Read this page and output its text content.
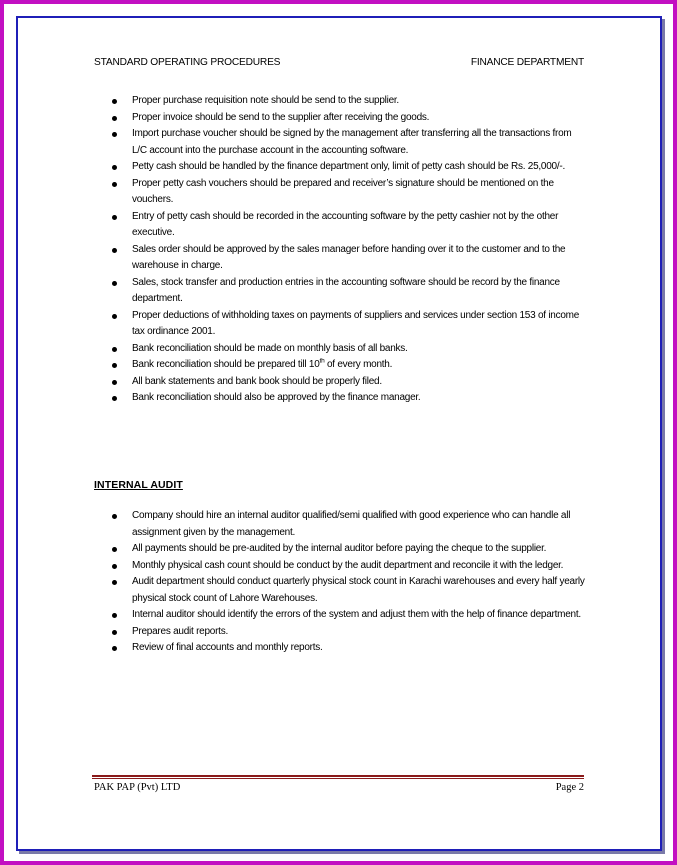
STANDARD OPERATING PROCEDURES	FINANCE DEPARTMENT
Proper purchase requisition note should be send to the supplier.
Proper invoice should be send to the supplier after receiving the goods.
Import purchase voucher should be signed by the management after transferring all the transactions from L/C account into the purchase account in the accounting software.
Petty cash should be handled by the finance department only, limit of petty cash should be Rs. 25,000/-.
Proper petty cash vouchers should be prepared and receiver’s signature should be mentioned on the vouchers.
Entry of petty cash should be recorded in the accounting software by the petty cashier not by the other executive.
Sales order should be approved by the sales manager before handing over it to the customer and to the warehouse in charge.
Sales, stock transfer and production entries in the accounting software should be record by the finance department.
Proper deductions of withholding taxes on payments of suppliers and services under section 153 of income tax ordinance 2001.
Bank reconciliation should be made on monthly basis of all banks.
Bank reconciliation should be prepared till 10th of every month.
All bank statements and bank book should be properly filed.
Bank reconciliation should also be approved by the finance manager.
INTERNAL AUDIT
Company should hire an internal auditor qualified/semi qualified with good experience who can handle all assignment given by the management.
All payments should be pre-audited by the internal auditor before paying the cheque to the supplier.
Monthly physical cash count should be conduct by the audit department and reconcile it with the ledger.
Audit department should conduct quarterly physical stock count in Karachi warehouses and every half yearly physical stock count of Lahore Warehouses.
Internal auditor should identify the errors of the system and adjust them with the help of finance department.
Prepares audit reports.
Review of final accounts and monthly reports.
PAK PAP (Pvt) LTD	Page 2
